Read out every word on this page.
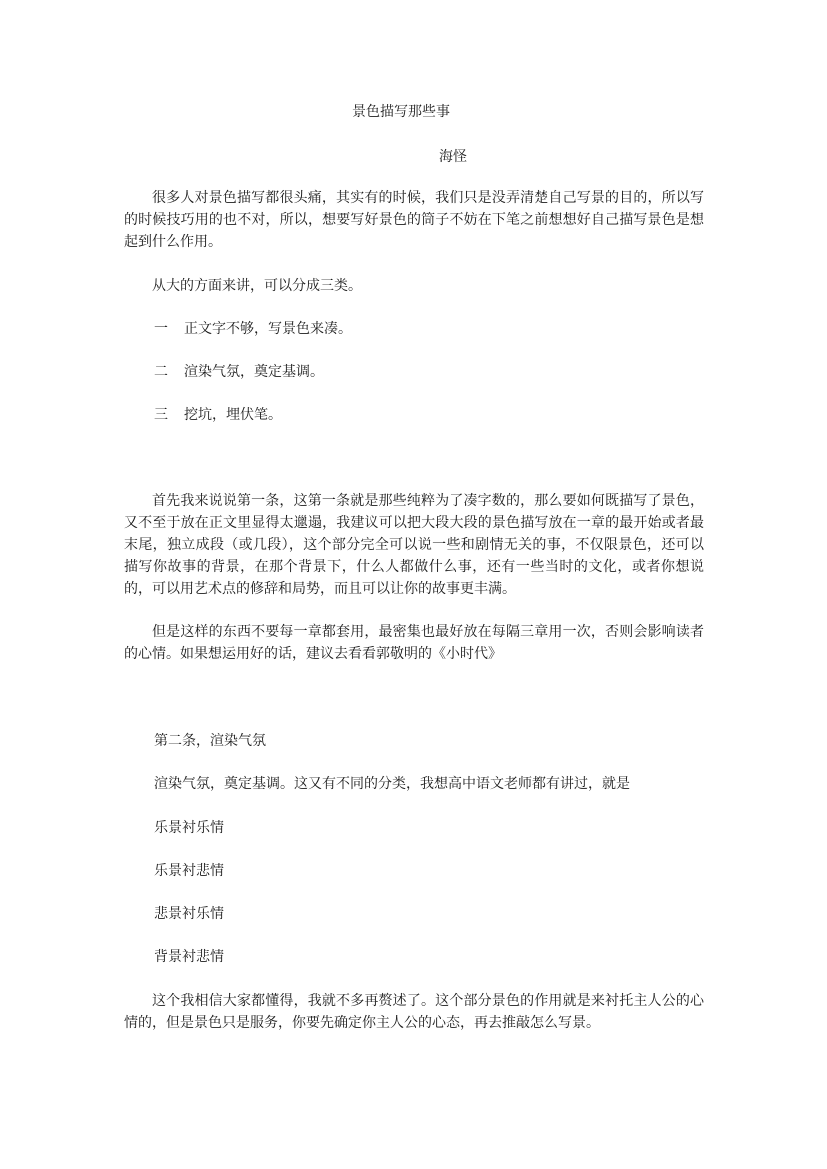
景色描写那些事
海怪

很多人对景色描写都很头痛，其实有的时候，我们只是没弄清楚自己写景的目的，所以写的时候技巧用的也不对，所以，想要写好景色的筒子不妨在下笔之前想想好自己描写景色是想起到什么作用。

从大的方面来讲，可以分成三类。

一 正文字不够，写景色来凑。

二 渲染气氛，奠定基调。

三 挖坑，埋伏笔。

首先我来说说第一条，这第一条就是那些纯粹为了凑字数的，那么要如何既描写了景色，又不至于放在正文里显得太邋遢，我建议可以把大段大段的景色描写放在一章的最开始或者最末尾，独立成段（或几段），这个部分完全可以说一些和剧情无关的事，不仅限景色，还可以描写你故事的背景，在那个背景下，什么人都做什么事，还有一些当时的文化，或者你想说的，可以用艺术点的修辞和局势，而且可以让你的故事更丰满。

但是这样的东西不要每一章都套用，最密集也最好放在每隔三章用一次，否则会影响读者的心情。如果想运用好的话，建议去看看郭敬明的《小时代》

第二条，渲染气氛

渲染气氛，奠定基调。这又有不同的分类，我想高中语文老师都有讲过，就是

乐景衬乐情

乐景衬悲情

悲景衬乐情

背景衬悲情

这个我相信大家都懂得，我就不多再赘述了。这个部分景色的作用就是来衬托主人公的心情的，但是景色只是服务，你要先确定你主人公的心态，再去推敲怎么写景。
